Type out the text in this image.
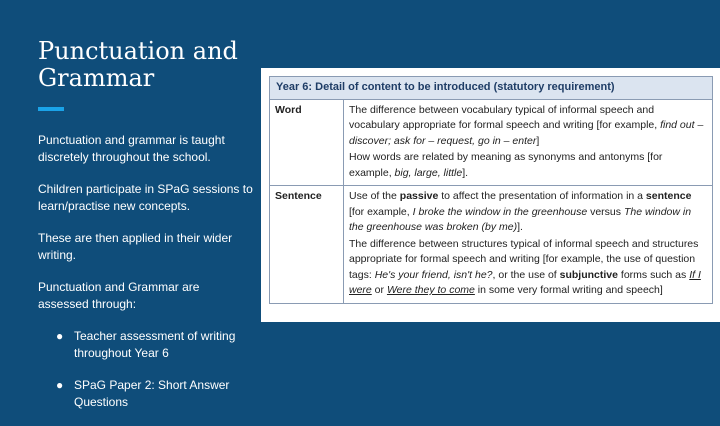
Punctuation and Grammar

Punctuation and grammar is taught discretely throughout the school.

Children participate in SPaG sessions to learn/practise new concepts.

These are then applied in their wider writing.

Punctuation and Grammar are assessed through:

● Teacher assessment of writing throughout Year 6
● SPaG Paper 2: Short Answer Questions
Year 6: Detail of content to be introduced (statutory requirement)	
Word	The difference between vocabulary typical of informal speech and vocabulary appropriate for formal speech and writing [for example, find out – discover; ask for – request, go in – enter]

How words are related by meaning as synonyms and antonyms [for example, big, large, little].

Sentence	Use of the passive to affect the presentation of information in a sentence [for example, I broke the window in the greenhouse versus The window in the greenhouse was broken (by me)].

The difference between structures typical of informal speech and structures appropriate for formal speech and writing [for example, the use of question tags: He's your friend, isn't he?, or the use of subjunctive forms such as If I were or Were they to come in some very formal writing and speech]
